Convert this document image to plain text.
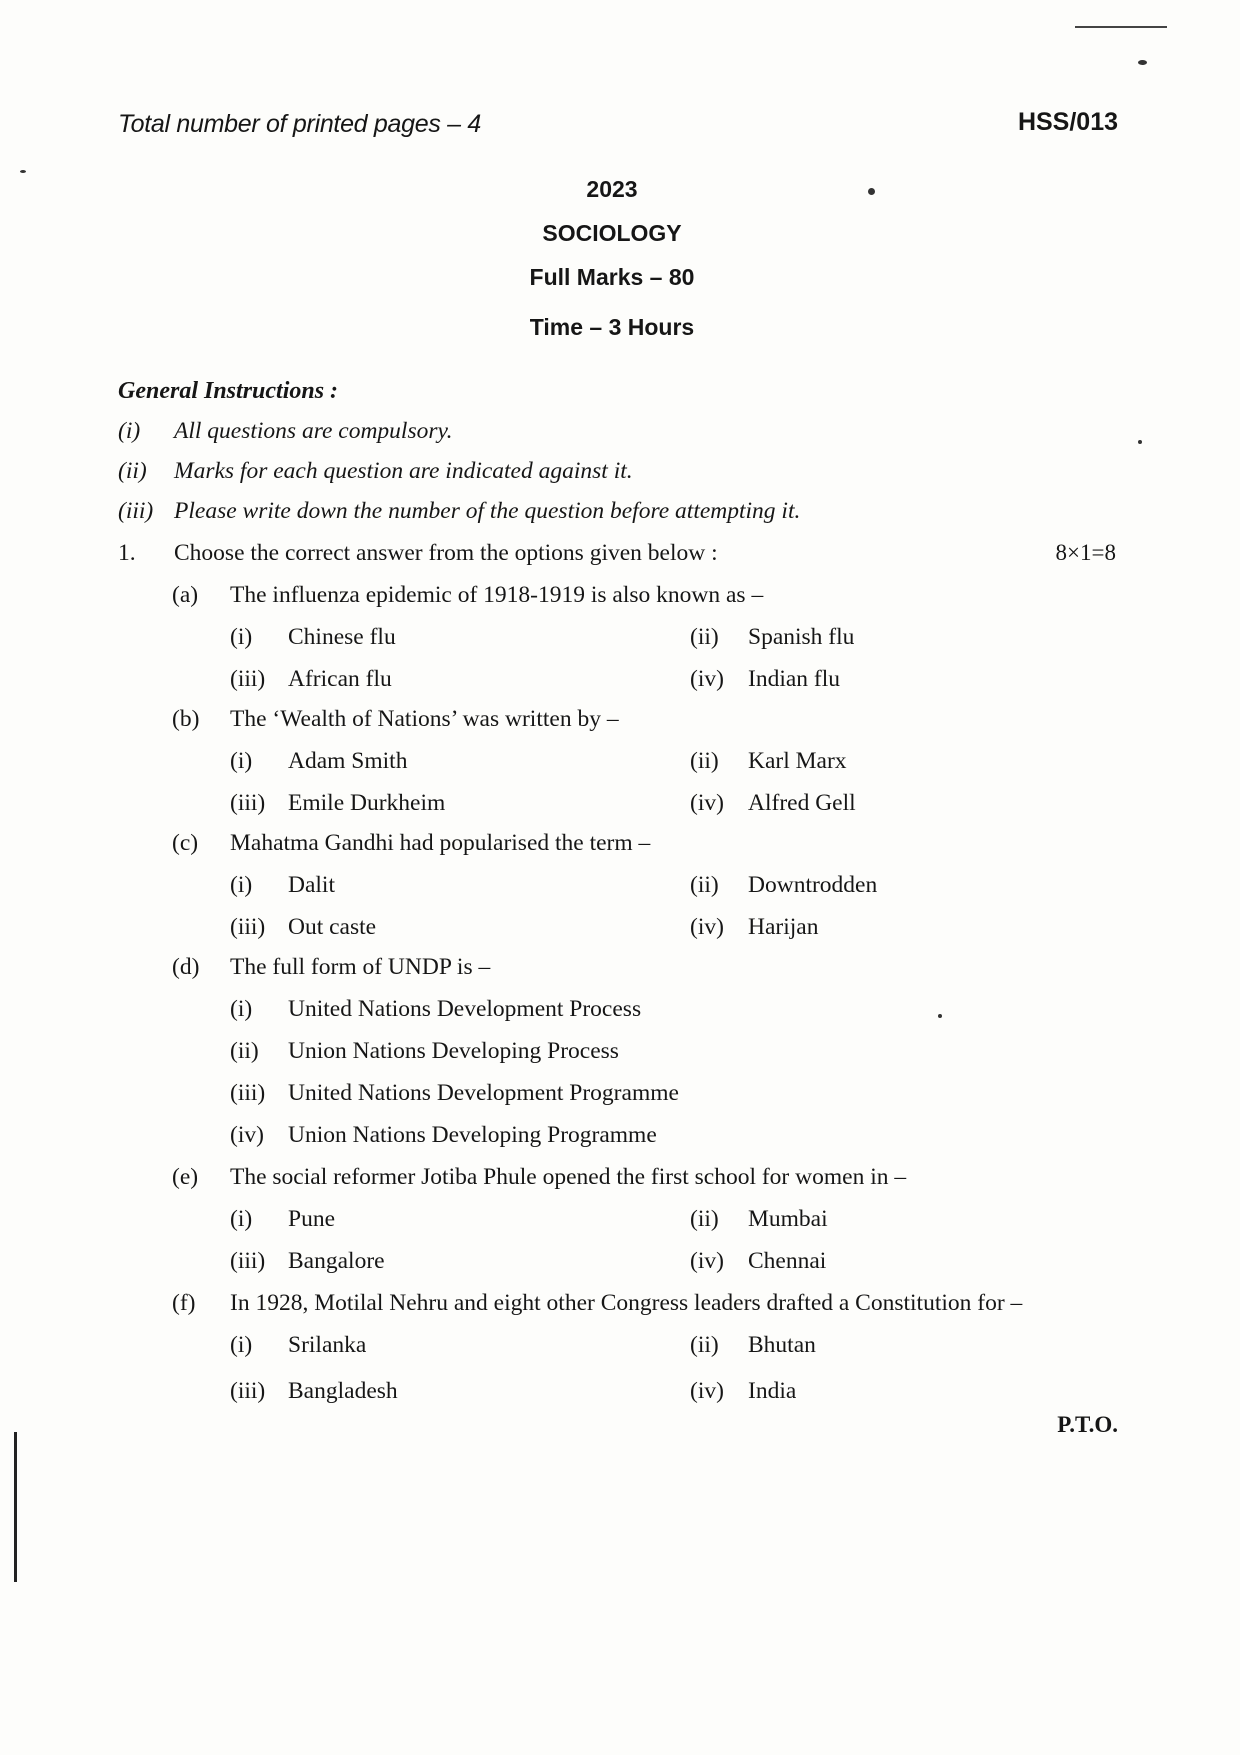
Total number of printed pages – 4	HSS/013
2023
SOCIOLOGY
Full Marks – 80
Time – 3 Hours
General Instructions :
(i) All questions are compulsory.
(ii) Marks for each question are indicated against it.
(iii) Please write down the number of the question before attempting it.
1. Choose the correct answer from the options given below :	8×1=8
(a) The influenza epidemic of 1918-1919 is also known as –
(i) Chinese flu	(ii) Spanish flu
(iii) African flu	(iv) Indian flu
(b) The ‘Wealth of Nations’ was written by –
(i) Adam Smith	(ii) Karl Marx
(iii) Emile Durkheim	(iv) Alfred Gell
(c) Mahatma Gandhi had popularised the term –
(i) Dalit	(ii) Downtrodden
(iii) Out caste	(iv) Harijan
(d) The full form of UNDP is –
(i) United Nations Development Process
(ii) Union Nations Developing Process
(iii) United Nations Development Programme
(iv) Union Nations Developing Programme
(e) The social reformer Jotiba Phule opened the first school for women in –
(i) Pune	(ii) Mumbai
(iii) Bangalore	(iv) Chennai
(f) In 1928, Motilal Nehru and eight other Congress leaders drafted a Constitution for –
(i) Srilanka	(ii) Bhutan
(iii) Bangladesh	(iv) India
P.T.O.
